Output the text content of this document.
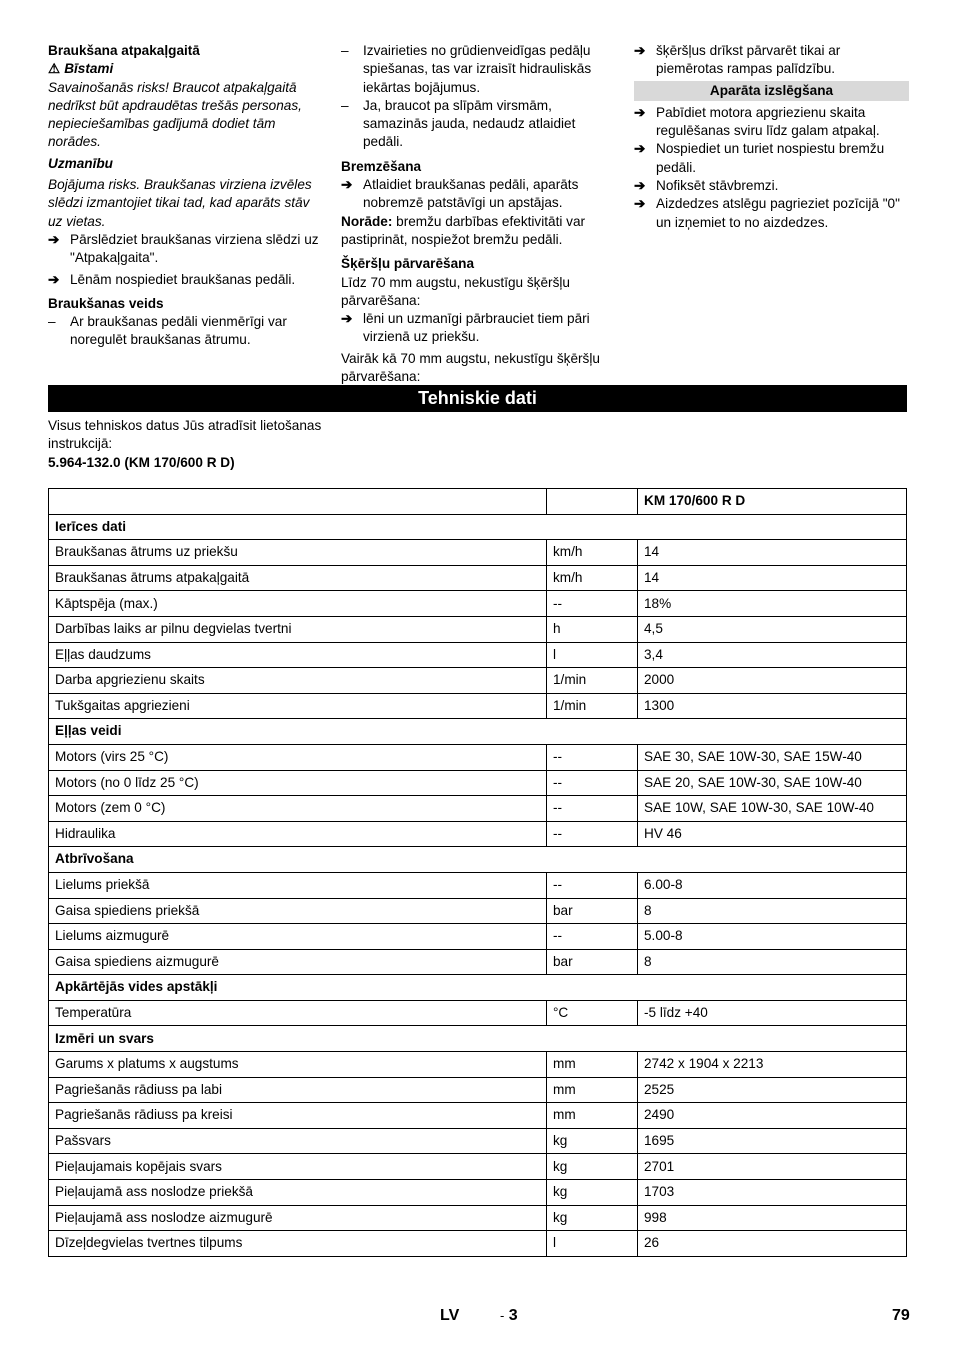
Braukšana atpakaļgaitā
⚠ Bīstami
Savainošanās risks! Braucot atpakaļgaitā nedrīkst būt apdraudētas trešās personas, nepieciešamības gadījumā dodiet tām norādes.
Uzmanību
Bojājuma risks. Braukšanas virziena izvēles slēdzi izmantojiet tikai tad, kad aparāts stāv uz vietas.
➔ Pārslēdziet braukšanas virziena slēdzi uz "Atpakaļgaita".
➔ Lēnām nospiediet braukšanas pedāli.
Braukšanas veids
– Ar braukšanas pedāli vienmērīgi var noregulēt braukšanas ātrumu.
– Izvairieties no grūdienveidīgas pedāļu spiešanas, tas var izraisīt hidrauliskās iekārtas bojājumus.
– Ja, braucot pa slīpām virsmām, samazinās jauda, nedaudz atlaidiet pedāli.
Bremzēšana
➔ Atlaidiet braukšanas pedāli, aparāts nobremzē patstāvīgi un apstājas.
Norāde: bremžu darbības efektivitāti var pastiprināt, nospiežot bremžu pedāli.
Šķēršļu pārvarēšana
Līdz 70 mm augstu, nekustīgu šķēršļu pārvarēšana:
➔ lēni un uzmanīgi pārbrauciet tiem pāri virzienā uz priekšu.
Vairāk kā 70 mm augstu, nekustīgu šķēršļu pārvarēšana:
➔ šķēršļus drīkst pārvarēt tikai ar piemērotas rampas palīdzību.
Aparāta izslēgšana
➔ Pabīdiet motora apgriezienu skaita regulēšanas sviru līdz galam atpakaļ.
➔ Nospiediet un turiet nospiestu bremžu pedāli.
➔ Nofiksēt stāvbremzi.
➔ Aizdedzes atslēgu pagrieziet pozīcijā "0" un izņemiet to no aizdedzes.
Tehniskie dati
Visus tehniskos datus Jūs atradīsit lietošanas instrukcijā:
5.964-132.0 (KM 170/600 R D)
		KM 170/600 R D
Ierīces dati		
Braukšanas ātrums uz priekšu	km/h	14
Braukšanas ātrums atpakaļgaitā	km/h	14
Kāptspēja (max.)	--	18%
Darbības laiks ar pilnu degvielas tvertni	h	4,5
Eļļas daudzums	l	3,4
Darba apgriezienu skaits	1/min	2000
Tukšgaitas apgriezieni	1/min	1300
Eļļas veidi		
Motors (virs 25 °C)	--	SAE 30, SAE 10W-30, SAE 15W-40
Motors (no 0 līdz 25 °C)	--	SAE 20, SAE 10W-30, SAE 10W-40
Motors (zem 0 °C)	--	SAE 10W, SAE 10W-30, SAE 10W-40
Hidraulika	--	HV 46
Atbrīvošana		
Lielums priekšā	--	6.00-8
Gaisa spiediens priekšā	bar	8
Lielums aizmugurē	--	5.00-8
Gaisa spiediens aizmugurē	bar	8
Apkārtējās vides apstākļi		
Temperatūra	°C	-5 līdz +40
Izmēri un svars		
Garums x platums x augstums	mm	2742 x 1904 x 2213
Pagriešanās rādiuss pa labi	mm	2525
Pagriešanās rādiuss pa kreisi	mm	2490
Pašsvars	kg	1695
Pieļaujamais kopējais svars	kg	2701
Pieļaujamā ass noslodze priekšā	kg	1703
Pieļaujamā ass noslodze aizmugurē	kg	998
Dīzeļdegvielas tvertnes tilpums	l	26
LV	- 3	79
